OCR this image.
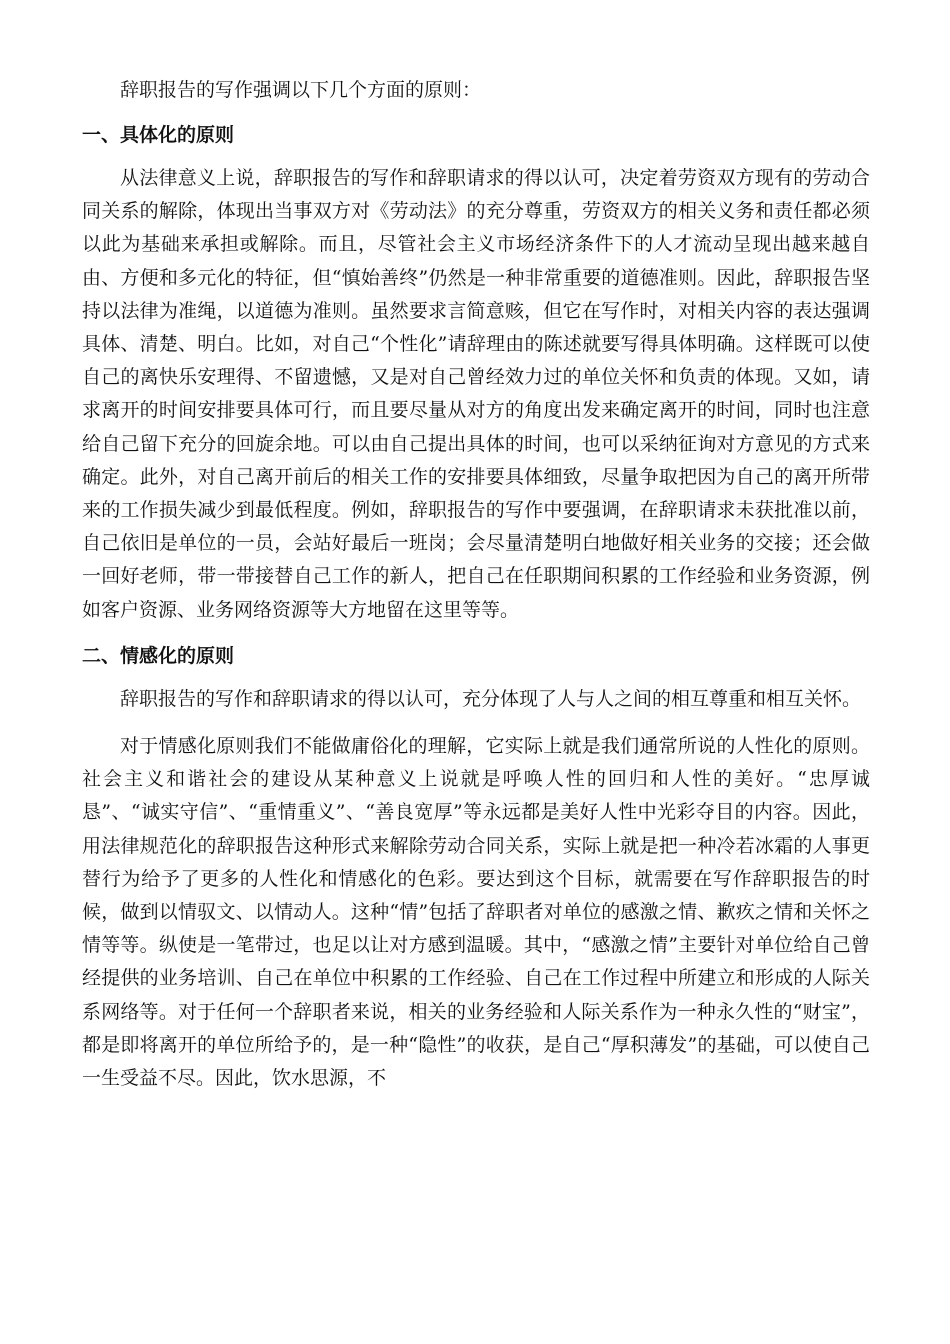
辞职报告的写作强调以下几个方面的原则：

一、具体化的原则

从法律意义上说，辞职报告的写作和辞职请求的得以认可，决定着劳资双方现有的劳动合同关系的解除，体现出当事双方对《劳动法》的充分尊重，劳资双方的相关义务和责任都必须以此为基础来承担或解除。而且，尽管社会主义市场经济条件下的人才流动呈现出越来越自由、方便和多元化的特征，但“慎始善终”仍然是一种非常重要的道德准则。因此，辞职报告坚持以法律为准绳，以道德为准则。虽然要求言简意赅，但它在写作时，对相关内容的表达强调具体、清楚、明白。比如，对自己“个性化”请辞理由的陈述就要写得具体明确。这样既可以使自己的离快乐安理得、不留遗憾，又是对自己曾经效力过的单位关怀和负责的体现。又如，请求离开的时间安排要具体可行，而且要尽量从对方的角度出发来确定离开的时间，同时也注意给自己留下充分的回旋余地。可以由自己提出具体的时间，也可以采纳征询对方意见的方式来确定。此外，对自己离开前后的相关工作的安排要具体细致，尽量争取把因为自己的离开所带来的工作损失减少到最低程度。例如，辞职报告的写作中要强调，在辞职请求未获批准以前，自己依旧是单位的一员，会站好最后一班岗；会尽量清楚明白地做好相关业务的交接；还会做一回好老师，带一带接替自己工作的新人，把自己在任职期间积累的工作经验和业务资源，例如客户资源、业务网络资源等大方地留在这里等等。

二、情感化的原则

辞职报告的写作和辞职请求的得以认可，充分体现了人与人之间的相互尊重和相互关怀。

对于情感化原则我们不能做庸俗化的理解，它实际上就是我们通常所说的人性化的原则。社会主义和谐社会的建设从某种意义上说就是呼唤人性的回归和人性的美好。“忠厚诚恳”、“诚实守信”、“重情重义”、“善良宽厚”等永远都是美好人性中光彩夺目的内容。因此，用法律规范化的辞职报告这种形式来解除劳动合同关系，实际上就是把一种冷若冰霜的人事更替行为给予了更多的人性化和情感化的色彩。要达到这个目标，就需要在写作辞职报告的时候，做到以情驭文、以情动人。这种“情”包括了辞职者对单位的感激之情、歉疚之情和关怀之情等等。纵使是一笔带过，也足以让对方感到温暖。其中，“感激之情”主要针对单位给自己曾经提供的业务培训、自己在单位中积累的工作经验、自己在工作过程中所建立和形成的人际关系网络等。对于任何一个辞职者来说，相关的业务经验和人际关系作为一种永久性的“财宝”，都是即将离开的单位所给予的，是一种“隐性”的收获，是自己“厚积薄发”的基础，可以使自己一生受益不尽。因此，饮水思源，不
